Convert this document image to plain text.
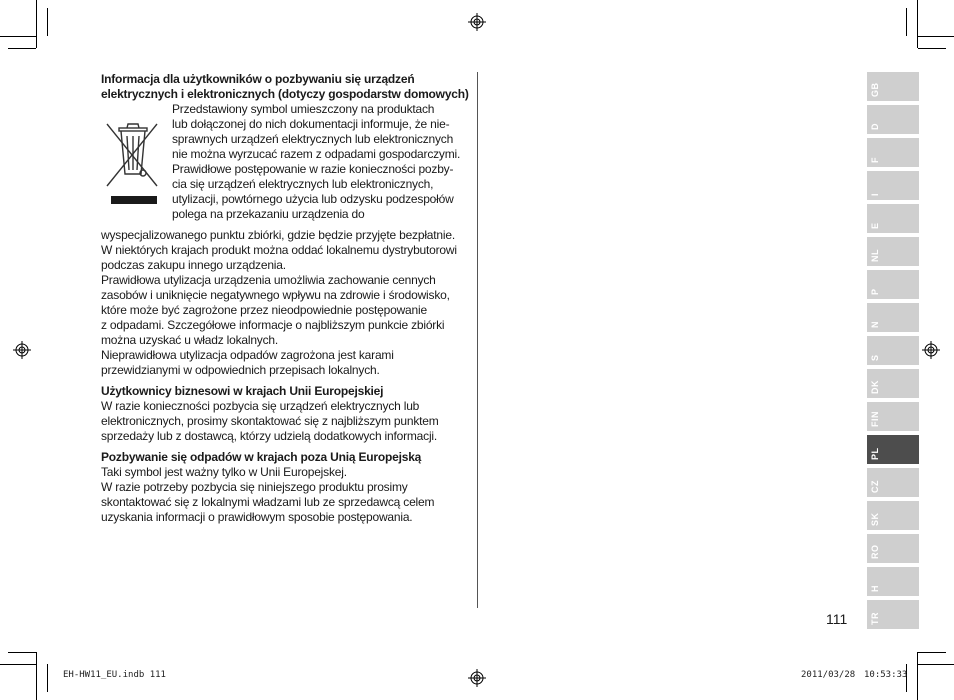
Informacja dla użytkowników o pozbywaniu się urządzeń elektrycznych i elektronicznych (dotyczy gospodarstw domowych)

Przedstawiony symbol umieszczony na produktach

lub dołączonej do nich dokumentacji informuje, że nie-

sprawnych urządzeń elektrycznych lub elektronicznych

nie można wyrzucać razem z odpadami gospodarczymi.

Prawidłowe postępowanie w razie konieczności pozby-

cia się urządzeń elektrycznych lub elektronicznych,

utylizacji, powtórnego użycia lub odzysku podzespołów

polega na przekazaniu urządzenia do

wyspecjalizowanego punktu zbiórki, gdzie będzie przyjęte bezpłatnie.

W niektórych krajach produkt można oddać lokalnemu dystrybutorowi

podczas zakupu innego urządzenia.

Prawidłowa utylizacja urządzenia umożliwia zachowanie cennych

zasobów i uniknięcie negatywnego wpływu na zdrowie i środowisko,

które może być zagrożone przez nieodpowiednie postępowanie

z odpadami. Szczegółowe informacje o najbliższym punkcie zbiórki

można uzyskać u władz lokalnych.

Nieprawidłowa utylizacja odpadów zagrożona jest karami

przewidzianymi w odpowiednich przepisach lokalnych.

Użytkownicy biznesowi w krajach Unii Europejskiej

W razie konieczności pozbycia się urządzeń elektrycznych lub

elektronicznych, prosimy skontaktować się z najbliższym punktem

sprzedaży lub z dostawcą, którzy udzielą dodatkowych informacji.

Pozbywanie się odpadów w krajach poza Unią Europejską

Taki symbol jest ważny tylko w Unii Europejskej.

W razie potrzeby pozbycia się niniejszego produktu prosimy

skontaktować się z lokalnymi władzami lub ze sprzedawcą celem

uzyskania informacji o prawidłowym sposobie postępowania.

GB
D
F
I
E
NL
P
N
S
DK
FIN
PL
CZ
SK
RO
H
TR
111
EH-HW11_EU.indb 111	2011/03/28 10:53:33
